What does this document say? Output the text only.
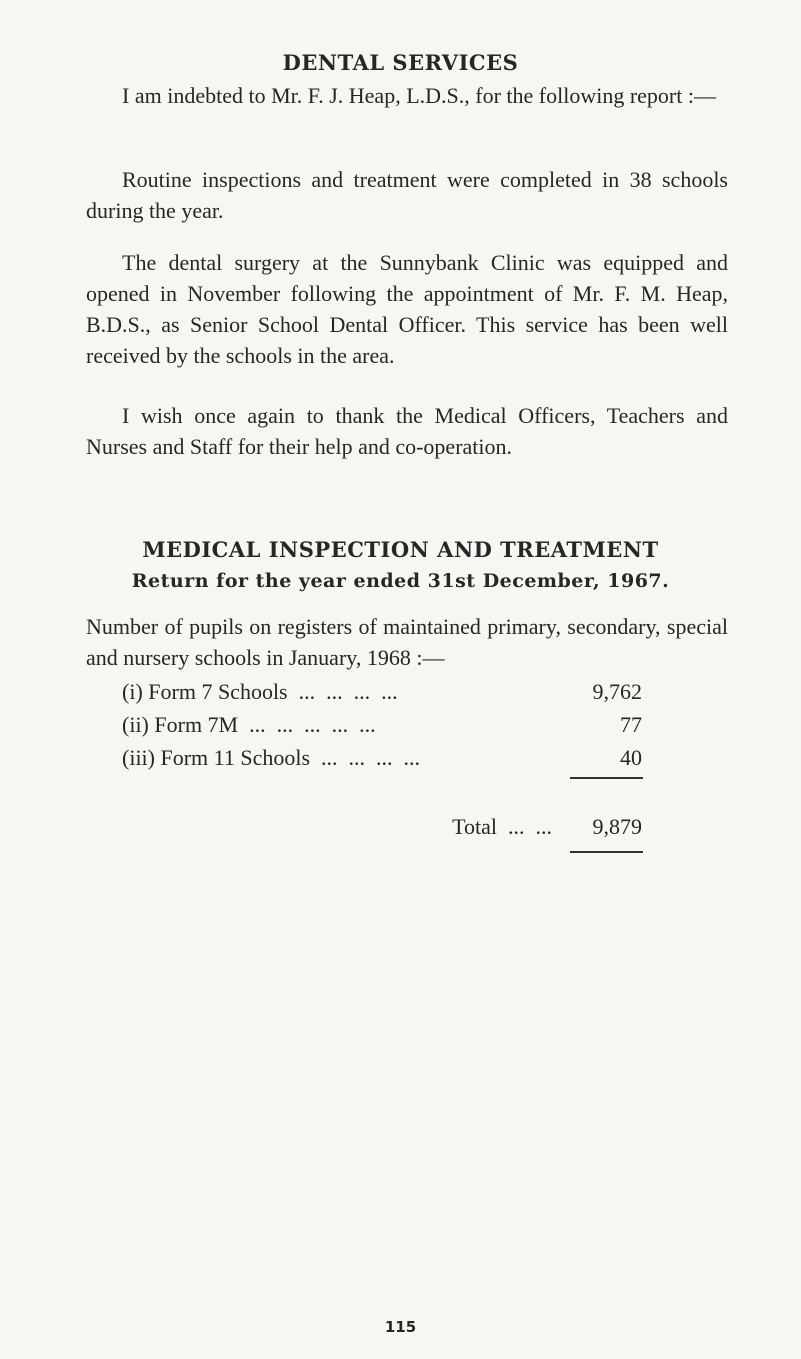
DENTAL SERVICES

I am indebted to Mr. F. J. Heap, L.D.S., for the following report :—

Routine inspections and treatment were completed in 38 schools during the year.

The dental surgery at the Sunnybank Clinic was equipped and opened in November following the appointment of Mr. F. M. Heap, B.D.S., as Senior School Dental Officer. This service has been well received by the schools in the area.

I wish once again to thank the Medical Officers, Teachers and Nurses and Staff for their help and co-operation.

MEDICAL INSPECTION AND TREATMENT
Return for the year ended 31st December, 1967.

Number of pupils on registers of maintained primary, secondary, special and nursery schools in January, 1968 :—

(i) Form 7 Schools  ...  ...  ...  ...	9,762
(ii) Form 7M  ...  ...  ...  ...  ...	77
(iii) Form 11 Schools  ...  ...  ...  ...	40
Total  ...  ... 9,879
115
